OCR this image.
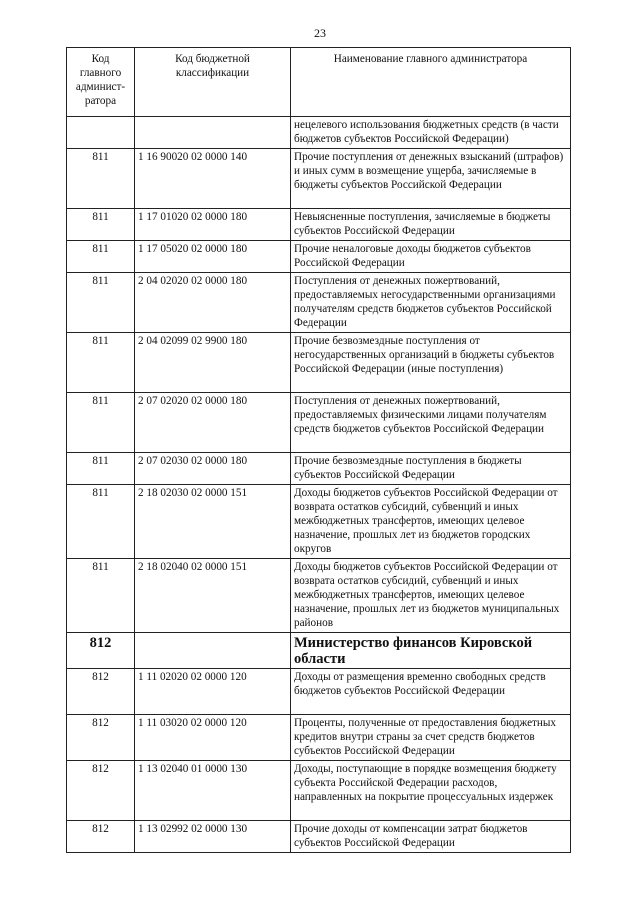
23
Код главного админист-ратора	Код бюджетной классификации	Наименование главного администратора
		нецелевого использования бюджетных средств (в части бюджетов субъектов Российской Федерации)
811	1 16 90020 02 0000 140	Прочие поступления от денежных взысканий (штрафов) и иных сумм в возмещение ущерба, зачисляемые в бюджеты субъектов Российской Федерации
811	1 17 01020 02 0000 180	Невыясненные поступления, зачисляемые в бюджеты субъектов Российской Федерации
811	1 17 05020 02 0000 180	Прочие неналоговые доходы бюджетов субъектов Российской Федерации
811	2 04 02020 02 0000 180	Поступления от денежных пожертвований, предоставляемых негосударственными организациями получателям средств бюджетов субъектов Российской Федерации
811	2 04 02099 02 9900 180	Прочие безвозмездные поступления от негосударственных организаций в бюджеты субъектов Российской Федерации (иные поступления)
811	2 07 02020 02 0000 180	Поступления от денежных пожертвований, предоставляемых физическими лицами получателям средств бюджетов субъектов Российской Федерации
811	2 07 02030 02 0000 180	Прочие безвозмездные поступления в бюджеты субъектов Российской Федерации
811	2 18 02030 02 0000 151	Доходы бюджетов субъектов Российской Федерации от возврата остатков субсидий, субвенций и иных межбюджетных трансфертов, имеющих целевое назначение, прошлых лет из бюджетов городских округов
811	2 18 02040 02 0000 151	Доходы бюджетов субъектов Российской Федерации от возврата остатков субсидий, субвенций и иных межбюджетных трансфертов, имеющих целевое назначение, прошлых лет из бюджетов муниципальных районов
812		Министерство финансов Кировской области
812	1 11 02020 02 0000 120	Доходы от размещения временно свободных средств бюджетов субъектов Российской Федерации
812	1 11 03020 02 0000 120	Проценты, полученные от предоставления бюджетных кредитов внутри страны за счет средств бюджетов субъектов Российской Федерации
812	1 13 02040 01 0000 130	Доходы, поступающие в порядке возмещения бюджету субъекта Российской Федерации расходов, направленных на покрытие процессуальных издержек
812	1 13 02992 02 0000 130	Прочие доходы от компенсации затрат бюджетов субъектов Российской Федерации
